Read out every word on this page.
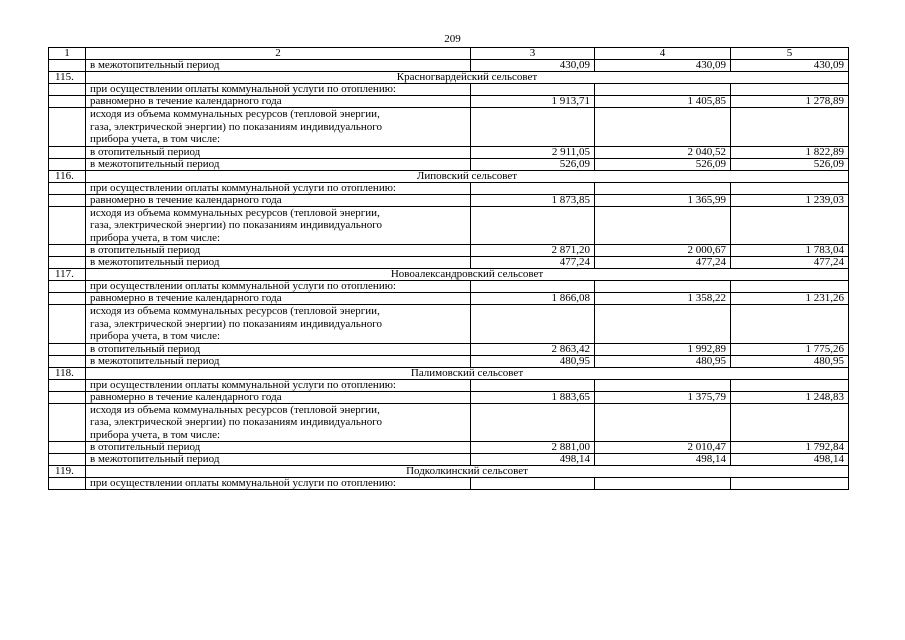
209
1	2	3	4	5
	в межотопительный период	430,09	430,09	430,09
115.	Красногвардейский сельсовет			
	при осуществлении оплаты коммунальной услуги по отоплению:			
	равномерно в течение календарного года	1 913,71	1 405,85	1 278,89

	исходя из объема коммунальных ресурсов (тепловой энергии,
газа, электрической энергии) по показаниям индивидуального
прибора учета, в том числе:			

	в отопительный период	2 911,05	2 040,52	1 822,89
	в межотопительный период	526,09	526,09	526,09
116.	Липовский сельсовет			
	при осуществлении оплаты коммунальной услуги по отоплению:			
	равномерно в течение календарного года	1 873,85	1 365,99	1 239,03

	исходя из объема коммунальных ресурсов (тепловой энергии,
газа, электрической энергии) по показаниям индивидуального
прибора учета, в том числе:			

	в отопительный период	2 871,20	2 000,67	1 783,04
	в межотопительный период	477,24	477,24	477,24
117.	Новоалександровский сельсовет			
	при осуществлении оплаты коммунальной услуги по отоплению:			
	равномерно в течение календарного года	1 866,08	1 358,22	1 231,26

	исходя из объема коммунальных ресурсов (тепловой энергии,
газа, электрической энергии) по показаниям индивидуального
прибора учета, в том числе:			

	в отопительный период	2 863,42	1 992,89	1 775,26
	в межотопительный период	480,95	480,95	480,95
118.	Палимовский сельсовет			
	при осуществлении оплаты коммунальной услуги по отоплению:			
	равномерно в течение календарного года	1 883,65	1 375,79	1 248,83

	исходя из объема коммунальных ресурсов (тепловой энергии,
газа, электрической энергии) по показаниям индивидуального
прибора учета, в том числе:			

	в отопительный период	2 881,00	2 010,47	1 792,84
	в межотопительный период	498,14	498,14	498,14
119.	Подколкинский сельсовет			
	при осуществлении оплаты коммунальной услуги по отоплению:			
